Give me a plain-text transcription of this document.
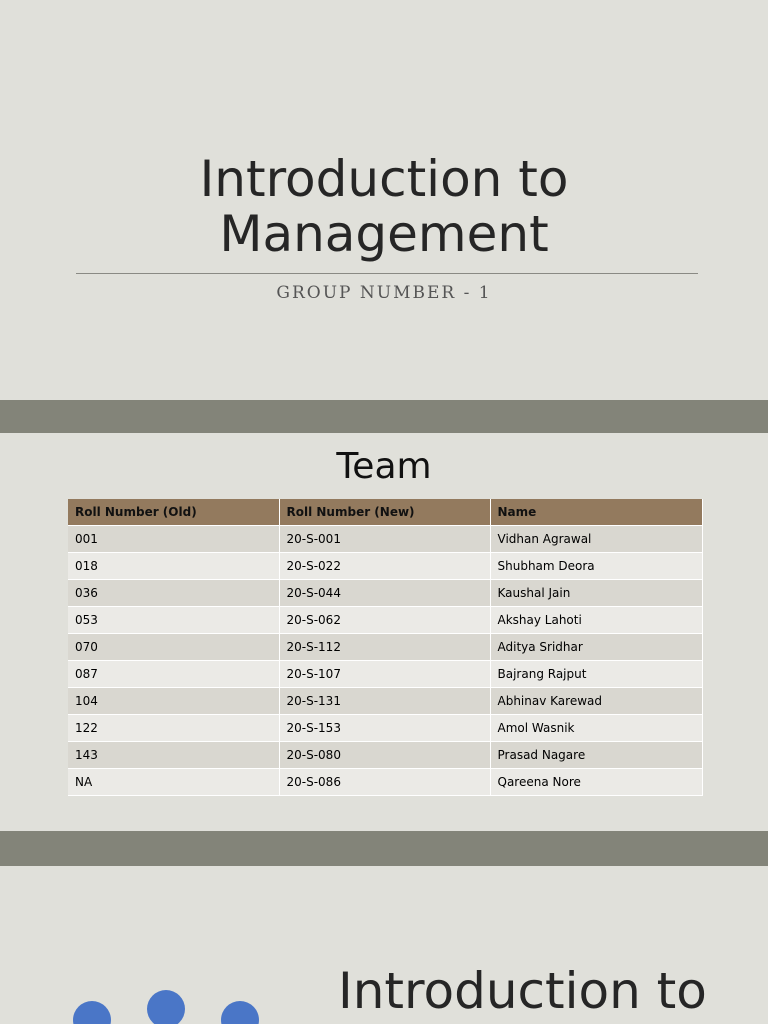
Introduction to
Management
GROUP NUMBER - 1
Team
Roll Number (Old)	Roll Number (New)	Name
001	20-S-001	Vidhan Agrawal
018	20-S-022	Shubham Deora
036	20-S-044	Kaushal Jain
053	20-S-062	Akshay Lahoti
070	20-S-112	Aditya Sridhar
087	20-S-107	Bajrang Rajput
104	20-S-131	Abhinav Karewad
122	20-S-153	Amol Wasnik
143	20-S-080	Prasad Nagare
NA	20-S-086	Qareena Nore
Introduction to
